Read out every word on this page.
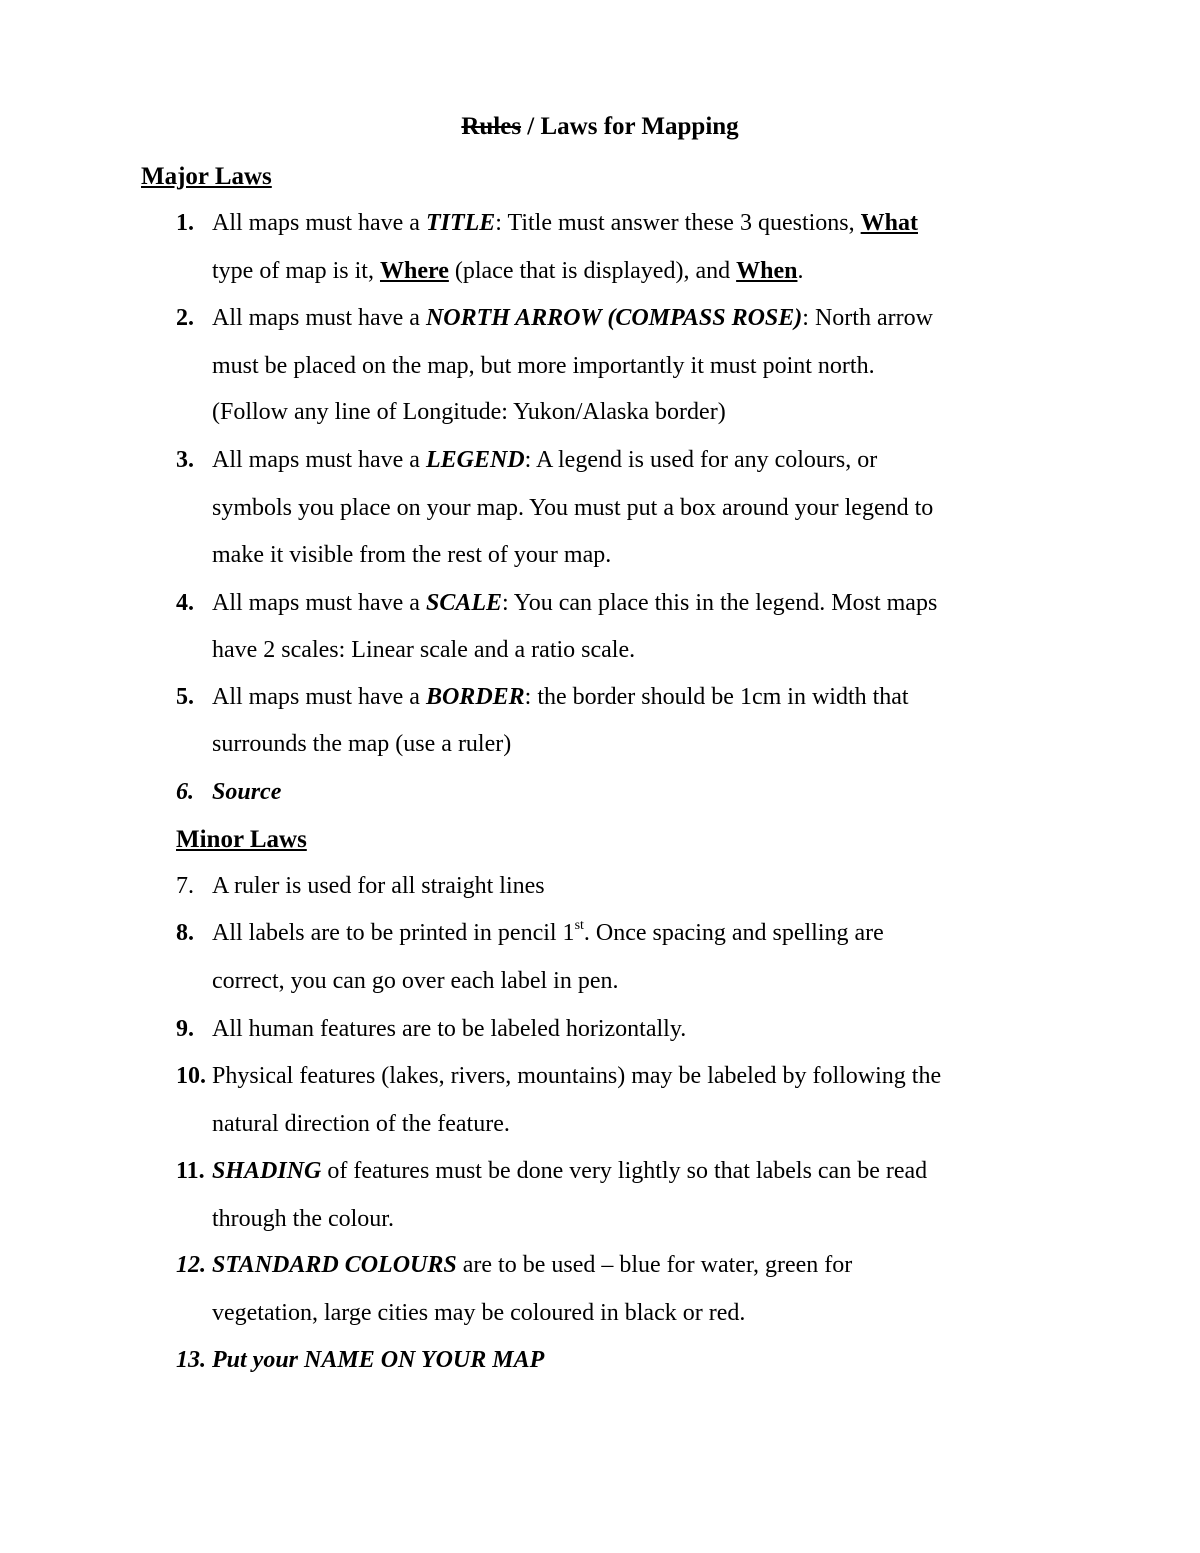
Rules / Laws for Mapping
Major Laws
1. All maps must have a TITLE: Title must answer these 3 questions, What
type of map is it, Where (place that is displayed), and When.
2. All maps must have a NORTH ARROW (COMPASS ROSE): North arrow
must be placed on the map, but more importantly it must point north.
(Follow any line of Longitude: Yukon/Alaska border)
3. All maps must have a LEGEND: A legend is used for any colours, or
symbols you place on your map. You must put a box around your legend to
make it visible from the rest of your map.
4. All maps must have a SCALE: You can place this in the legend. Most maps
have 2 scales: Linear scale and a ratio scale.
5. All maps must have a BORDER: the border should be 1cm in width that
surrounds the map (use a ruler)
6. Source
Minor Laws
7. A ruler is used for all straight lines
8. All labels are to be printed in pencil 1st. Once spacing and spelling are
correct, you can go over each label in pen.
9. All human features are to be labeled horizontally.
10. Physical features (lakes, rivers, mountains) may be labeled by following the
natural direction of the feature.
11. SHADING of features must be done very lightly so that labels can be read
through the colour.
12. STANDARD COLOURS are to be used – blue for water, green for
vegetation, large cities may be coloured in black or red.
13. Put your NAME ON YOUR MAP
